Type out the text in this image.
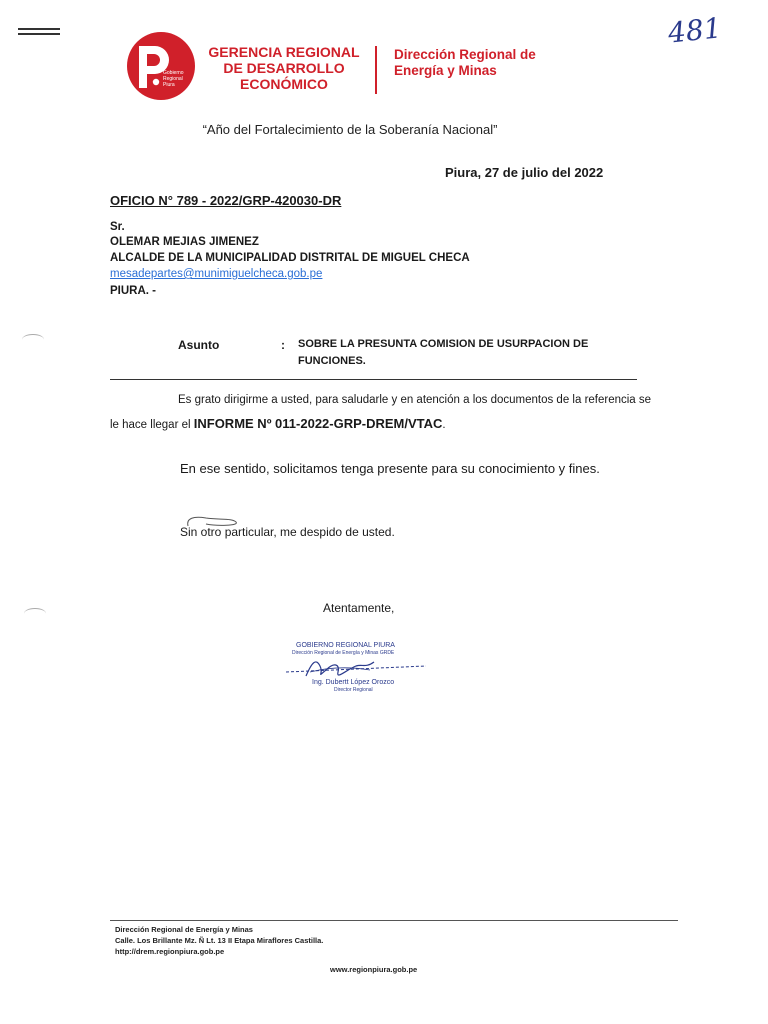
481
Gobierno
Regional
Piura
GERENCIA REGIONAL
DE DESARROLLO
ECONÓMICO
Dirección Regional de
Energía y Minas
“Año del Fortalecimiento de la Soberanía Nacional”
Piura, 27 de julio del 2022
OFICIO N° 789 - 2022/GRP-420030-DR
Sr.
OLEMAR MEJIAS JIMENEZ
ALCALDE DE LA MUNICIPALIDAD DISTRITAL DE MIGUEL CHECA
mesadepartes@munimiguelcheca.gob.pe
PIURA. -
Asunto	: SOBRE LA PRESUNTA COMISION DE USURPACION DE FUNCIONES.
Es grato dirigirme a usted, para saludarle y en atención a los documentos de la referencia se
le hace llegar el INFORME Nº 011-2022-GRP-DREM/VTAC.
En ese sentido, solicitamos tenga presente para su conocimiento y fines.
Sin otro particular, me despido de usted.
Atentamente,
GOBIERNO REGIONAL PIURA
Dirección Regional de Energía y Minas GRDE
Ing. Dubertt López Orozco
Director Regional
Dirección Regional de Energía y Minas
Calle. Los Brillante Mz. Ñ Lt. 13 II Etapa Miraflores Castilla.
http://drem.regionpiura.gob.pe
www.regionpiura.gob.pe
